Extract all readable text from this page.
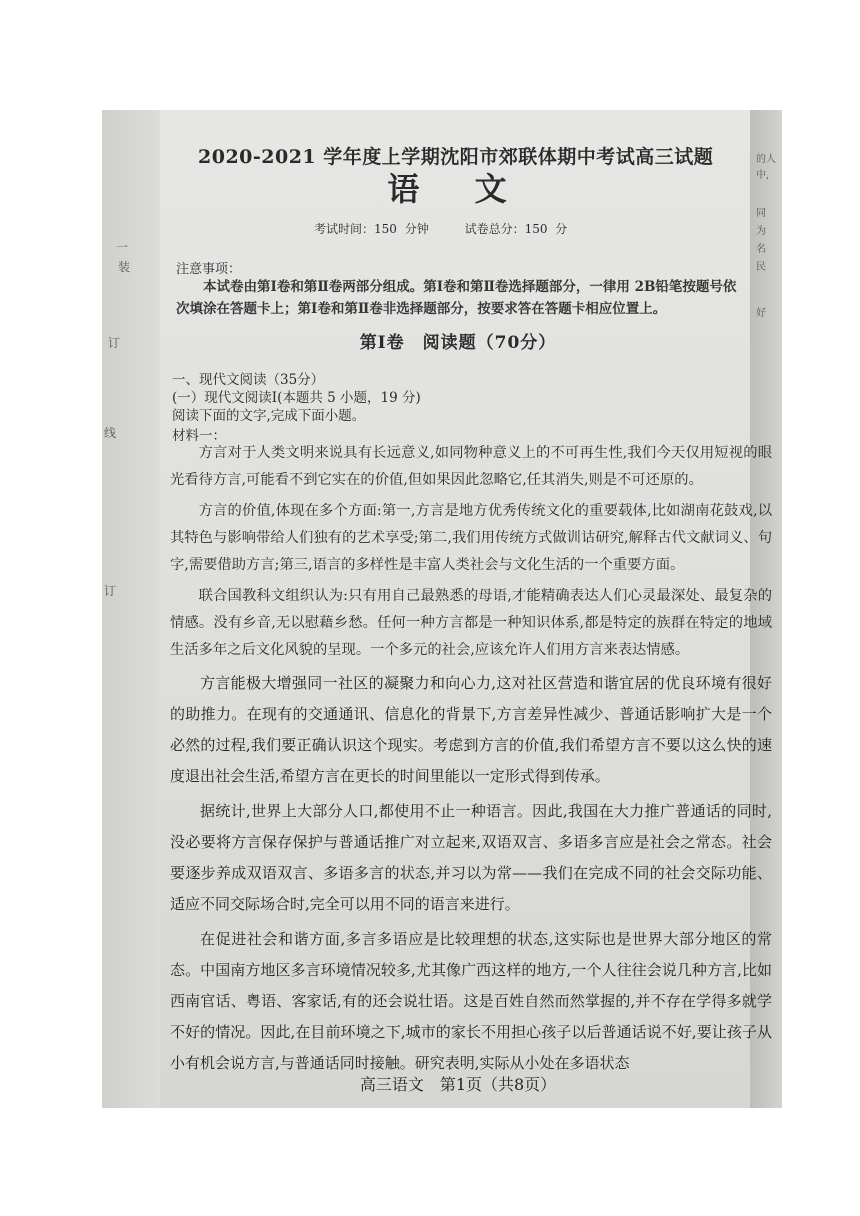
一
装
订
线
订
的人
中,
同
为
名
民
好
2020-2021 学年度上学期沈阳市郊联体期中考试高三试题
语 文
考试时间：150 分钟	试卷总分：150 分
注意事项：
本试卷由第Ⅰ卷和第Ⅱ卷两部分组成。第Ⅰ卷和第Ⅱ卷选择题部分，一律用 2B铅笔按题号依次填涂在答题卡上；第Ⅰ卷和第Ⅱ卷非选择题部分，按要求答在答题卡相应位置上。
第Ⅰ卷　阅读题（70分）
一、现代文阅读（35分）
(一）现代文阅读Ⅰ(本题共 5 小题，19 分)
阅读下面的文字,完成下面小题。
材料一：

方言对于人类文明来说具有长远意义,如同物种意义上的不可再生性,我们今天仅用短视的眼光看待方言,可能看不到它实在的价值,但如果因此忽略它,任其消失,则是不可还原的。

方言的价值,体现在多个方面:第一,方言是地方优秀传统文化的重要载体,比如湖南花鼓戏,以其特色与影响带给人们独有的艺术享受;第二,我们用传统方式做训诂研究,解释古代文献词义、句字,需要借助方言;第三,语言的多样性是丰富人类社会与文化生活的一个重要方面。

联合国教科文组织认为:只有用自己最熟悉的母语,才能精确表达人们心灵最深处、最复杂的情感。没有乡音,无以慰藉乡愁。任何一种方言都是一种知识体系,都是特定的族群在特定的地域生活多年之后文化风貌的呈现。一个多元的社会,应该允许人们用方言来表达情感。

方言能极大增强同一社区的凝聚力和向心力,这对社区营造和谐宜居的优良环境有很好的助推力。在现有的交通通讯、信息化的背景下,方言差异性减少、普通话影响扩大是一个必然的过程,我们要正确认识这个现实。考虑到方言的价值,我们希望方言不要以这么快的速度退出社会生活,希望方言在更长的时间里能以一定形式得到传承。

据统计,世界上大部分人口,都使用不止一种语言。因此,我国在大力推广普通话的同时,没必要将方言保存保护与普通话推广对立起来,双语双言、多语多言应是社会之常态。社会要逐步养成双语双言、多语多言的状态,并习以为常——我们在完成不同的社会交际功能、适应不同交际场合时,完全可以用不同的语言来进行。

在促进社会和谐方面,多言多语应是比较理想的状态,这实际也是世界大部分地区的常态。中国南方地区多言环境情况较多,尤其像广西这样的地方,一个人往往会说几种方言,比如西南官话、粤语、客家话,有的还会说壮语。这是百姓自然而然掌握的,并不存在学得多就学不好的情况。因此,在目前环境之下,城市的家长不用担心孩子以后普通话说不好,要让孩子从小有机会说方言,与普通话同时接触。研究表明,实际从小处在多语状态

高三语文　第1页（共8页）
